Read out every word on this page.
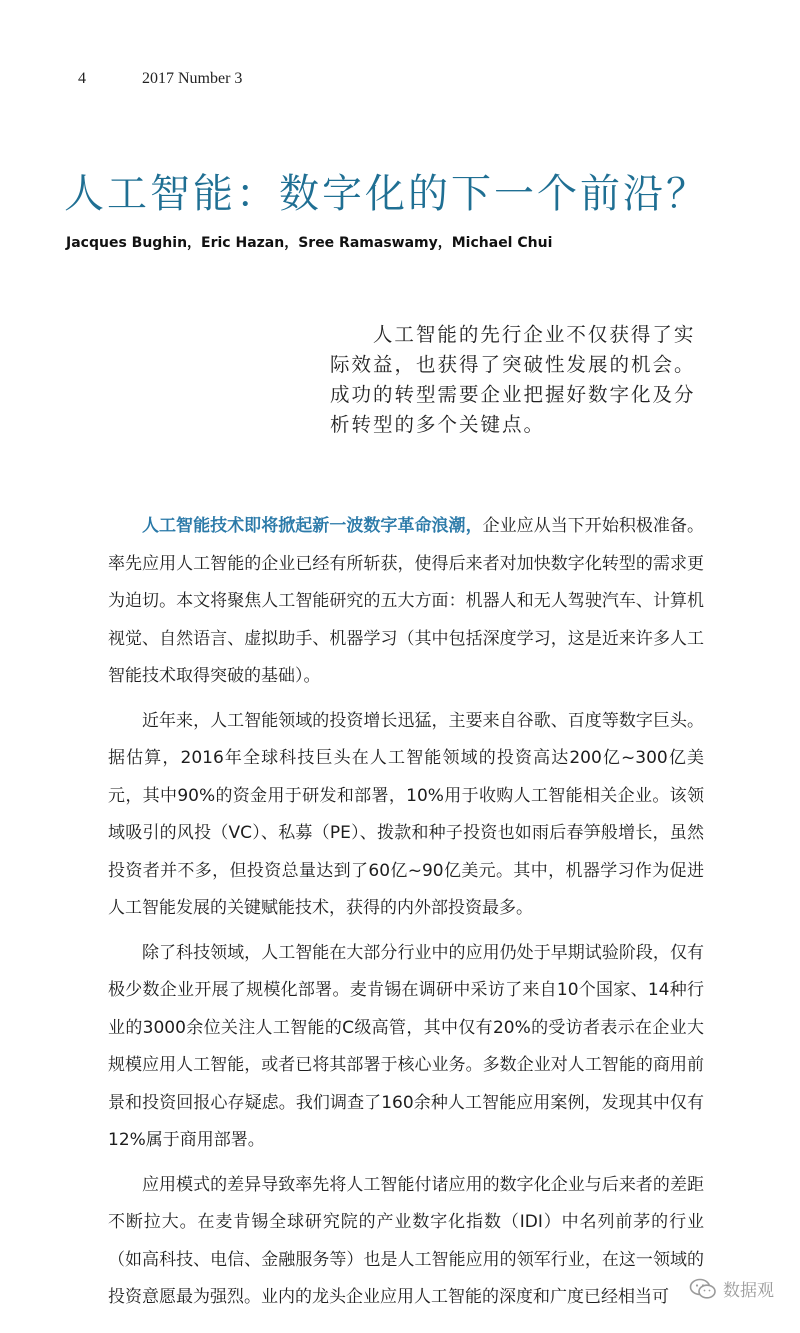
4	2017 Number 3
人工智能：数字化的下一个前沿？
Jacques Bughin，Eric Hazan，Sree Ramaswamy，Michael Chui
人工智能的先行企业不仅获得了实际效益，也获得了突破性发展的机会。成功的转型需要企业把握好数字化及分析转型的多个关键点。

人工智能技术即将掀起新一波数字革命浪潮，企业应从当下开始积极准备。率先应用人工智能的企业已经有所斩获，使得后来者对加快数字化转型的需求更为迫切。本文将聚焦人工智能研究的五大方面：机器人和无人驾驶汽车、计算机视觉、自然语言、虚拟助手、机器学习（其中包括深度学习，这是近来许多人工智能技术取得突破的基础）。

近年来，人工智能领域的投资增长迅猛，主要来自谷歌、百度等数字巨头。据估算，2016年全球科技巨头在人工智能领域的投资高达200亿~300亿美元，其中90%的资金用于研发和部署，10%用于收购人工智能相关企业。该领域吸引的风投（VC）、私募（PE）、拨款和种子投资也如雨后春笋般增长，虽然投资者并不多，但投资总量达到了60亿~90亿美元。其中，机器学习作为促进人工智能发展的关键赋能技术，获得的内外部投资最多。

除了科技领域，人工智能在大部分行业中的应用仍处于早期试验阶段，仅有极少数企业开展了规模化部署。麦肯锡在调研中采访了来自10个国家、14种行业的3000余位关注人工智能的C级高管，其中仅有20%的受访者表示在企业大规模应用人工智能，或者已将其部署于核心业务。多数企业对人工智能的商用前景和投资回报心存疑虑。我们调查了160余种人工智能应用案例，发现其中仅有12%属于商用部署。

应用模式的差异导致率先将人工智能付诸应用的数字化企业与后来者的差距不断拉大。在麦肯锡全球研究院的产业数字化指数（IDI）中名列前茅的行业（如高科技、电信、金融服务等）也是人工智能应用的领军行业，在这一领域的投资意愿最为强烈。业内的龙头企业应用人工智能的深度和广度已经相当可	数据观
